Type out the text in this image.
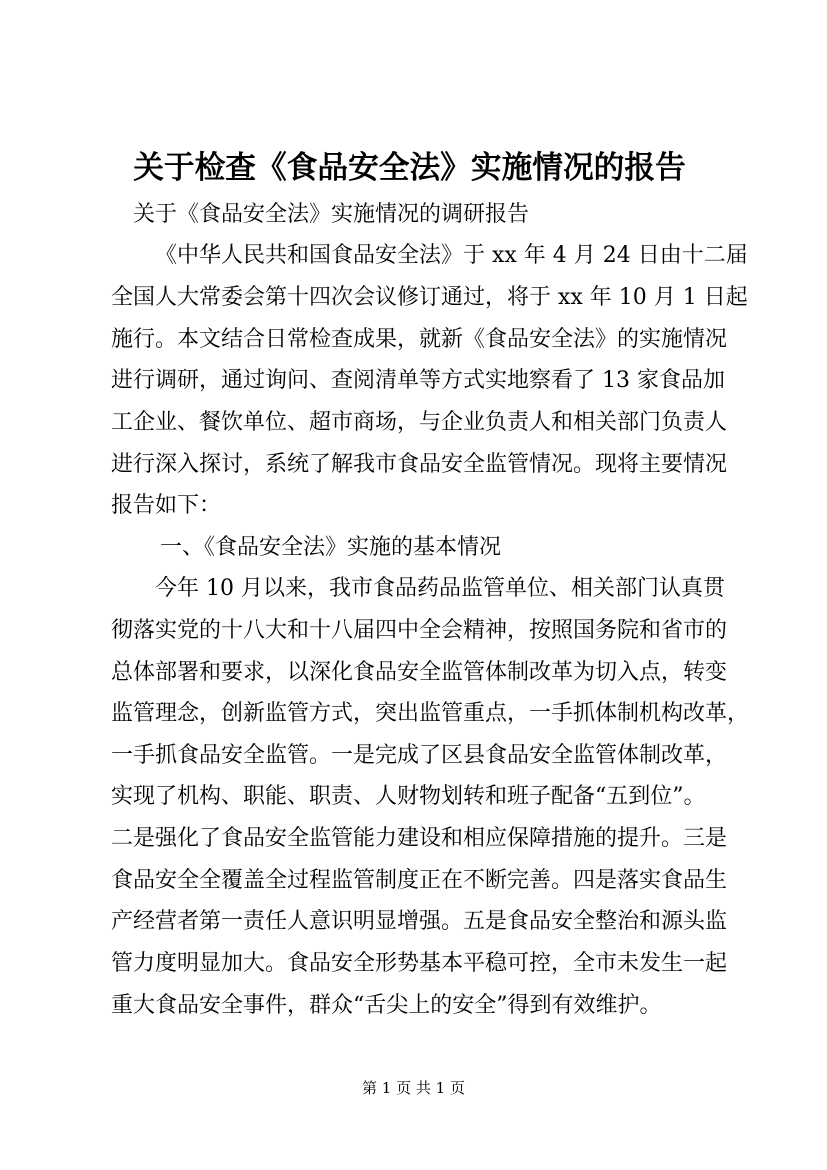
关于检查《食品安全法》实施情况的报告
关于《食品安全法》实施情况的调研报告
《中华人民共和国食品安全法》于 xx 年 4 月 24 日由十二届
全国人大常委会第十四次会议修订通过，将于 xx 年 10 月 1 日起
施行。本文结合日常检查成果，就新《食品安全法》的实施情况
进行调研，通过询问、查阅清单等方式实地察看了 13 家食品加
工企业、餐饮单位、超市商场，与企业负责人和相关部门负责人
进行深入探讨，系统了解我市食品安全监管情况。现将主要情况
报告如下：
一、《食品安全法》实施的基本情况
今年 10 月以来，我市食品药品监管单位、相关部门认真贯
彻落实党的十八大和十八届四中全会精神，按照国务院和省市的
总体部署和要求，以深化食品安全监管体制改革为切入点，转变
监管理念，创新监管方式，突出监管重点，一手抓体制机构改革，
一手抓食品安全监管。一是完成了区县食品安全监管体制改革，
实现了机构、职能、职责、人财物划转和班子配备“五到位”。
二是强化了食品安全监管能力建设和相应保障措施的提升。三是
食品安全全覆盖全过程监管制度正在不断完善。四是落实食品生
产经营者第一责任人意识明显增强。五是食品安全整治和源头监
管力度明显加大。食品安全形势基本平稳可控，全市未发生一起
重大食品安全事件，群众“舌尖上的安全”得到有效维护。
第 1 页 共 1 页
